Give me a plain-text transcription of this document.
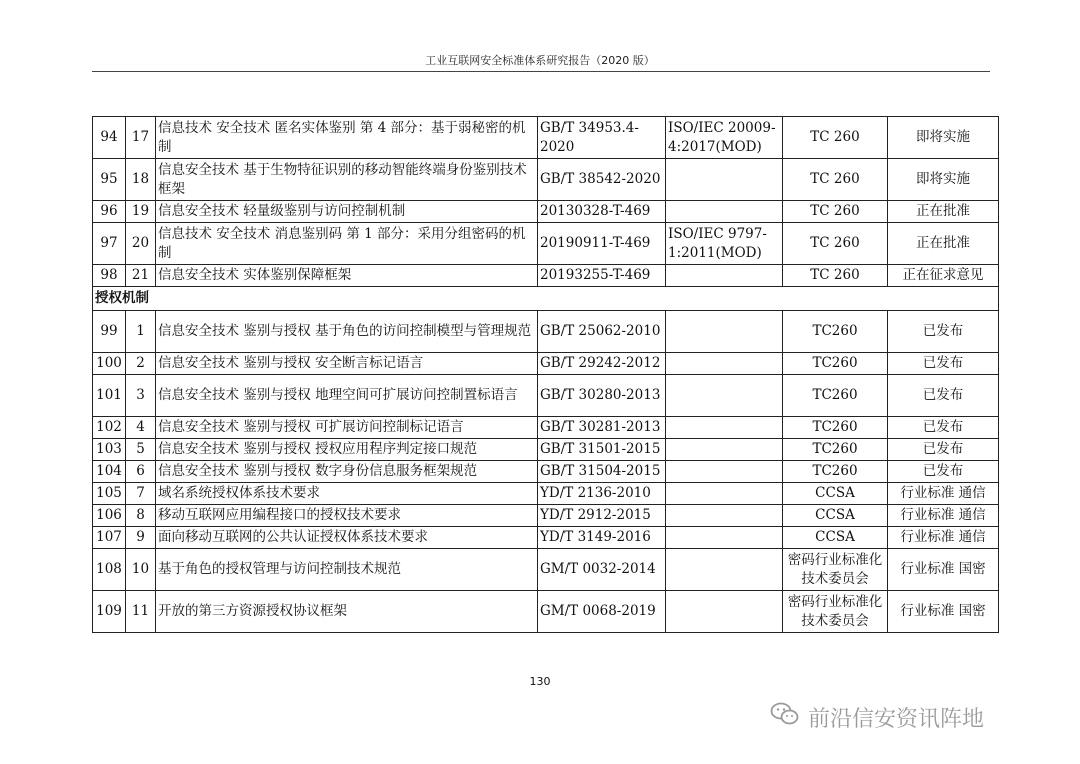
工业互联网安全标准体系研究报告（2020 版）
94	17	信息技术 安全技术 匿名实体鉴别 第 4 部分：基于弱秘密的机制	GB/T 34953.4-2020	ISO/IEC 20009-4:2017(MOD)	TC 260	即将实施
95	18	信息安全技术 基于生物特征识别的移动智能终端身份鉴别技术框架	GB/T 38542-2020		TC 260	即将实施
96	19	信息安全技术 轻量级鉴别与访问控制机制	20130328-T-469		TC 260	正在批准
97	20	信息技术 安全技术 消息鉴别码 第 1 部分：采用分组密码的机制	20190911-T-469	ISO/IEC 9797-1:2011(MOD)	TC 260	正在批准
98	21	信息安全技术 实体鉴别保障框架	20193255-T-469		TC 260	正在征求意见
授权机制						
99	1	信息安全技术 鉴别与授权 基于角色的访问控制模型与管理规范	GB/T 25062-2010		TC260	已发布
100	2	信息安全技术 鉴别与授权 安全断言标记语言	GB/T 29242-2012		TC260	已发布
101	3	信息安全技术 鉴别与授权 地理空间可扩展访问控制置标语言	GB/T 30280-2013		TC260	已发布
102	4	信息安全技术 鉴别与授权 可扩展访问控制标记语言	GB/T 30281-2013		TC260	已发布
103	5	信息安全技术 鉴别与授权 授权应用程序判定接口规范	GB/T 31501-2015		TC260	已发布
104	6	信息安全技术 鉴别与授权 数字身份信息服务框架规范	GB/T 31504-2015		TC260	已发布
105	7	域名系统授权体系技术要求	YD/T 2136-2010		CCSA	行业标准 通信
106	8	移动互联网应用编程接口的授权技术要求	YD/T 2912-2015		CCSA	行业标准 通信
107	9	面向移动互联网的公共认证授权体系技术要求	YD/T 3149-2016		CCSA	行业标准 通信
108	10	基于角色的授权管理与访问控制技术规范	GM/T 0032-2014		密码行业标准化技术委员会	行业标准 国密
109	11	开放的第三方资源授权协议框架	GM/T 0068-2019		密码行业标准化技术委员会	行业标准 国密
130
前沿信安资讯阵地
